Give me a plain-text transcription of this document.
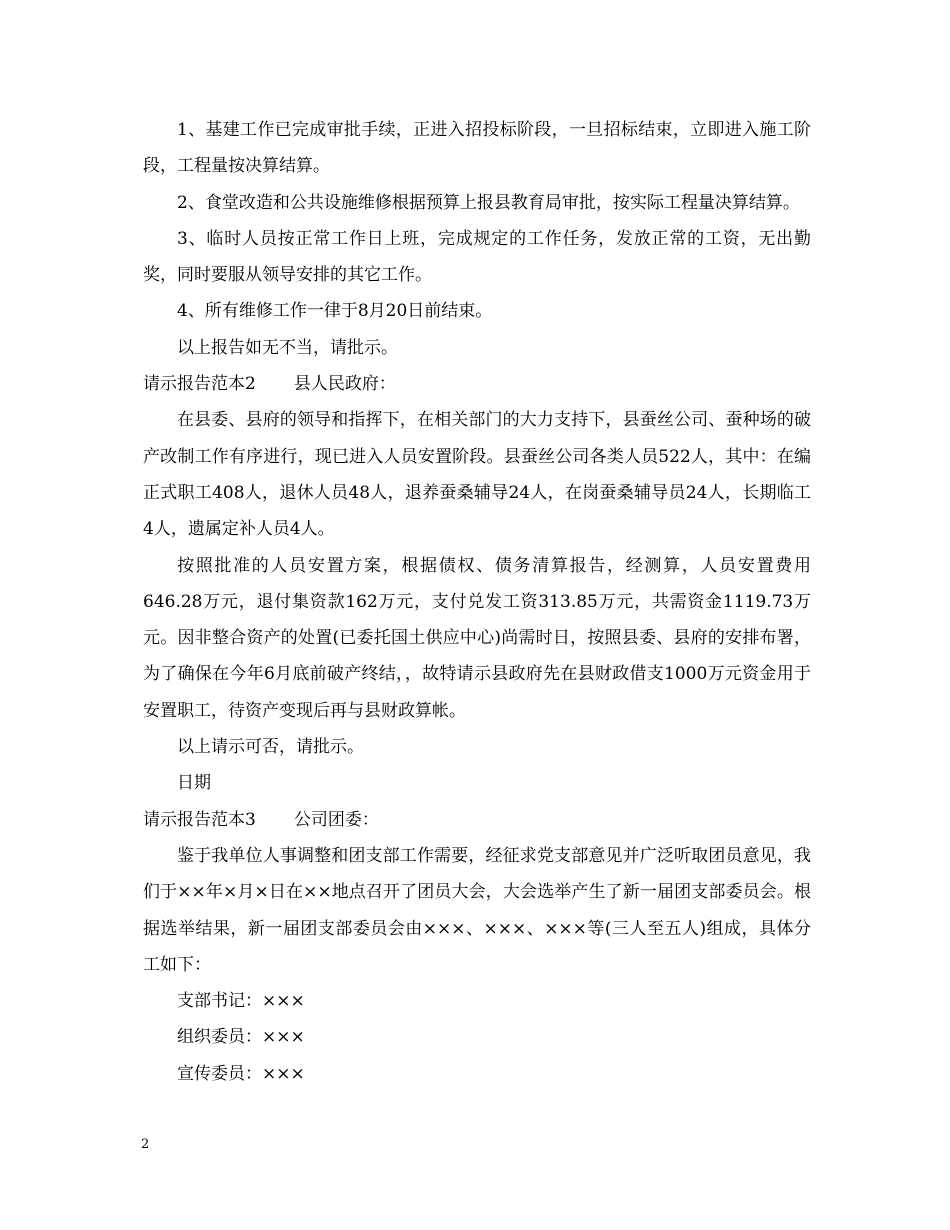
1、基建工作已完成审批手续，正进入招投标阶段，一旦招标结束，立即进入施工阶段，工程量按决算结算。

2、食堂改造和公共设施维修根据预算上报县教育局审批，按实际工程量决算结算。

3、临时人员按正常工作日上班，完成规定的工作任务，发放正常的工资，无出勤奖，同时要服从领导安排的其它工作。

4、所有维修工作一律于8月20日前结束。

以上报告如无不当，请批示。

请示报告范本2 县人民政府：

在县委、县府的领导和指挥下，在相关部门的大力支持下，县蚕丝公司、蚕种场的破产改制工作有序进行，现已进入人员安置阶段。县蚕丝公司各类人员522人，其中：在编正式职工408人，退休人员48人，退养蚕桑辅导24人，在岗蚕桑辅导员24人，长期临工4人，遗属定补人员4人。

按照批准的人员安置方案，根据债权、债务清算报告，经测算，人员安置费用646.28万元，退付集资款162万元，支付兑发工资313.85万元，共需资金1119.73万元。因非整合资产的处置(已委托国土供应中心)尚需时日，按照县委、县府的安排布署，为了确保在今年6月底前破产终结，，故特请示县政府先在县财政借支1000万元资金用于安置职工，待资产变现后再与县财政算帐。

以上请示可否，请批示。

日期

请示报告范本3 公司团委：

鉴于我单位人事调整和团支部工作需要，经征求党支部意见并广泛听取团员意见，我们于××年×月×日在××地点召开了团员大会，大会选举产生了新一届团支部委员会。根据选举结果，新一届团支部委员会由×××、×××、×××等(三人至五人)组成，具体分工如下：

支部书记：×××

组织委员：×××

宣传委员：×××

2
